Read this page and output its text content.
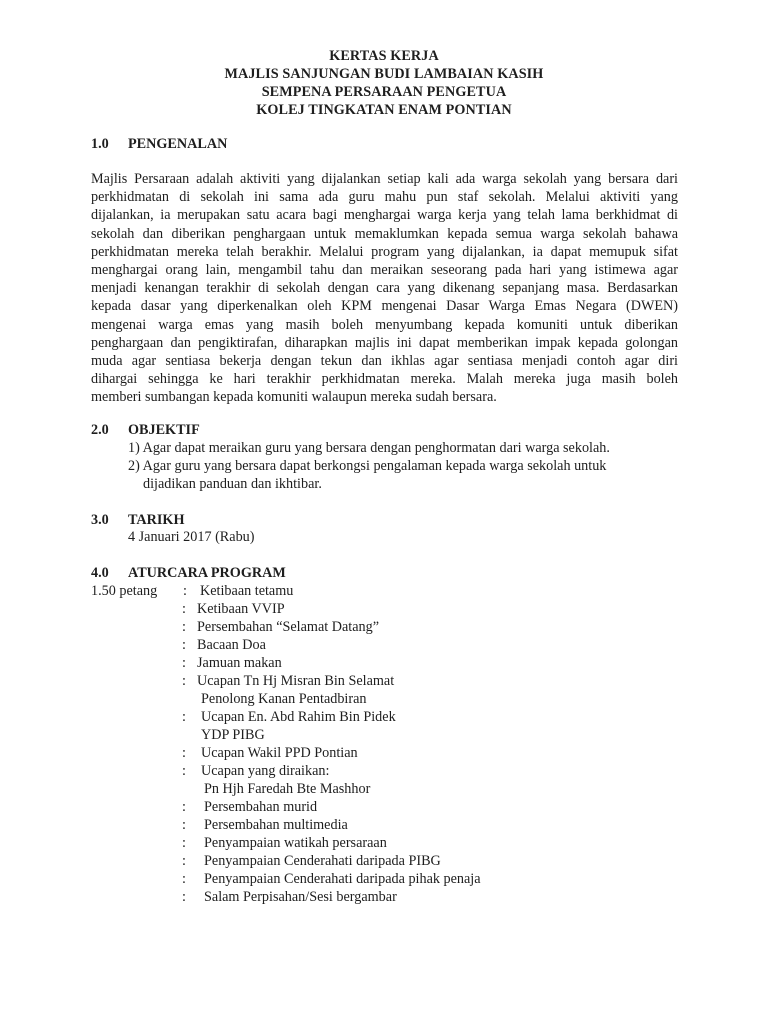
KERTAS KERJA
MAJLIS SANJUNGAN BUDI LAMBAIAN KASIH
SEMPENA PERSARAAN PENGETUA
KOLEJ TINGKATAN ENAM PONTIAN
1.0 PENGENALAN
Majlis Persaraan adalah aktiviti yang dijalankan setiap kali ada warga sekolah yang bersara dari
perkhidmatan di sekolah ini sama ada guru mahu pun staf sekolah. Melalui aktiviti yang
dijalankan, ia merupakan satu acara bagi menghargai warga kerja yang telah lama berkhidmat di
sekolah dan diberikan penghargaan untuk memaklumkan kepada semua warga sekolah bahawa
perkhidmatan mereka telah berakhir. Melalui program yang dijalankan, ia dapat memupuk sifat
menghargai orang lain, mengambil tahu dan meraikan seseorang pada hari yang istimewa agar
menjadi kenangan terakhir di sekolah dengan cara yang dikenang sepanjang masa. Berdasarkan
kepada dasar yang diperkenalkan oleh KPM mengenai Dasar Warga Emas Negara (DWEN)
mengenai warga emas yang masih boleh menyumbang kepada komuniti untuk diberikan
penghargaan dan pengiktirafan, diharapkan majlis ini dapat memberikan impak kepada golongan
muda agar sentiasa bekerja dengan tekun dan ikhlas agar sentiasa menjadi contoh agar diri
dihargai sehingga ke hari terakhir perkhidmatan mereka. Malah mereka juga masih boleh
memberi sumbangan kepada komuniti walaupun mereka sudah bersara.
2.0 OBJEKTIF
1) Agar dapat meraikan guru yang bersara dengan penghormatan dari warga sekolah.
2) Agar guru yang bersara dapat berkongsi pengalaman kepada warga sekolah untuk
dijadikan panduan dan ikhtibar.
3.0 TARIKH
4 Januari 2017 (Rabu)
4.0 ATURCARA PROGRAM
1.50 petang : Ketibaan tetamu
: Ketibaan VVIP
: Persembahan “Selamat Datang”
: Bacaan Doa
: Jamuan makan
: Ucapan Tn Hj Misran Bin Selamat
Penolong Kanan Pentadbiran
: Ucapan En. Abd Rahim Bin Pidek
YDP PIBG
: Ucapan Wakil PPD Pontian
: Ucapan yang diraikan:
Pn Hjh Faredah Bte Mashhor
: Persembahan murid
: Persembahan multimedia
: Penyampaian watikah persaraan
: Penyampaian Cenderahati daripada PIBG
: Penyampaian Cenderahati daripada pihak penaja
: Salam Perpisahan/Sesi bergambar
